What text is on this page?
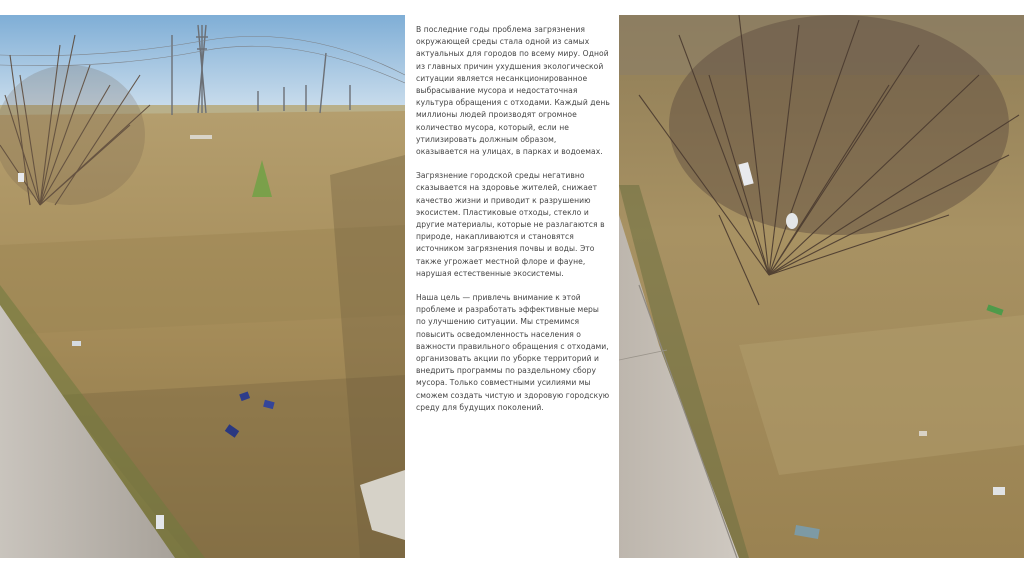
В последние годы проблема загрязнения окружающей среды стала одной из самых актуальных для городов по всему миру. Одной из главных причин ухудшения экологической ситуации является несанкционированное выбрасывание мусора и недостаточная культура обращения с отходами. Каждый день миллионы людей производят огромное количество мусора, который, если не утилизировать должным образом, оказывается на улицах, в парках и водоемах.

Загрязнение городской среды негативно сказывается на здоровье жителей, снижает качество жизни и приводит к разрушению экосистем. Пластиковые отходы, стекло и другие материалы, которые не разлагаются в природе, накапливаются и становятся источником загрязнения почвы и воды. Это также угрожает местной флоре и фауне, нарушая естественные экосистемы.

Наша цель — привлечь внимание к этой проблеме и разработать эффективные меры по улучшению ситуации. Мы стремимся повысить осведомленность населения о важности правильного обращения с отходами, организовать акции по уборке территорий и внедрить программы по раздельному сбору мусора. Только совместными усилиями мы сможем создать чистую и здоровую городскую среду для будущих поколений.
